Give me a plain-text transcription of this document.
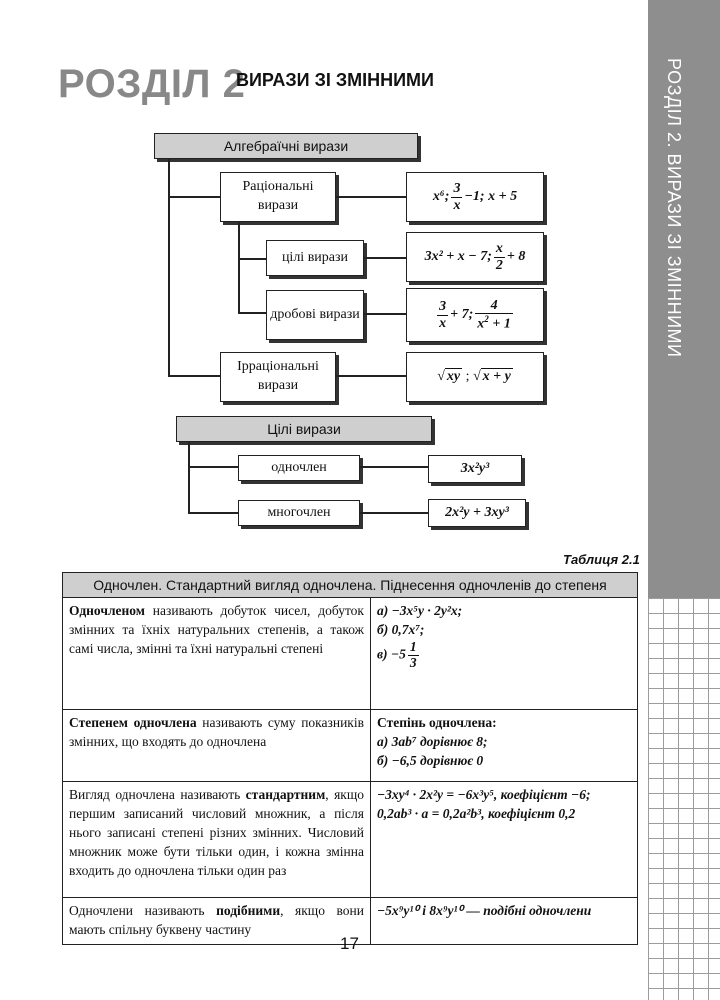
РОЗДІЛ 2. ВИРАЗИ ЗІ ЗМІННИМИ
РОЗДІЛ 2
ВИРАЗИ ЗІ ЗМІННИМИ
Алгебраїчні вирази
Раціональні вирази
x⁶; $\frac{3}{x} -1$;
x + 5
цілі вирази	3x² + x − 7; $\frac{x}{2} + 8$
дробові вирази	$\frac{3}{x} + 7$; $\frac{4}{x^2 + 1}$
Ірраціональні вирази
√ xy ; √ x + y
Цілі вирази
одночлен	3x²y³
многочлен	2x²y + 3xy³
Таблиця 2.1
Одночлен. Стандартний вигляд одночлена. Піднесення одночленів до степеня	
Одночленом називають добуток чисел, добуток змінних та їхніх натуральних степенів, а також самі числа, змінні та їхні натуральні степені	а) −3x⁵y · 2y²x;
б) 0,7x⁷;
$в) -5 \frac{1}{3}$

Степенем одночлена називають суму показників змінних, що входять до одночлена	Степінь одночлена:
а) 3ab⁷ дорівнює 8;
б) −6,5 дорівнює 0

Вигляд одночлена називають стандартним, якщо першим записаний числовий множник, а після нього записані степені різних змінних. Числовий множник може бути тільки один, і кожна змінна входить до одночлена тільки один раз	−3xy⁴ · 2x²y = −6x³y⁵, коефіцієнт −6;
0,2ab³ · a = 0,2a²b³, коефіцієнт 0,2

Одночлени називають подібними, якщо вони мають спільну буквену частину	−5x⁹y¹⁰ і 8x⁹y¹⁰ — подібні одночлени
17
